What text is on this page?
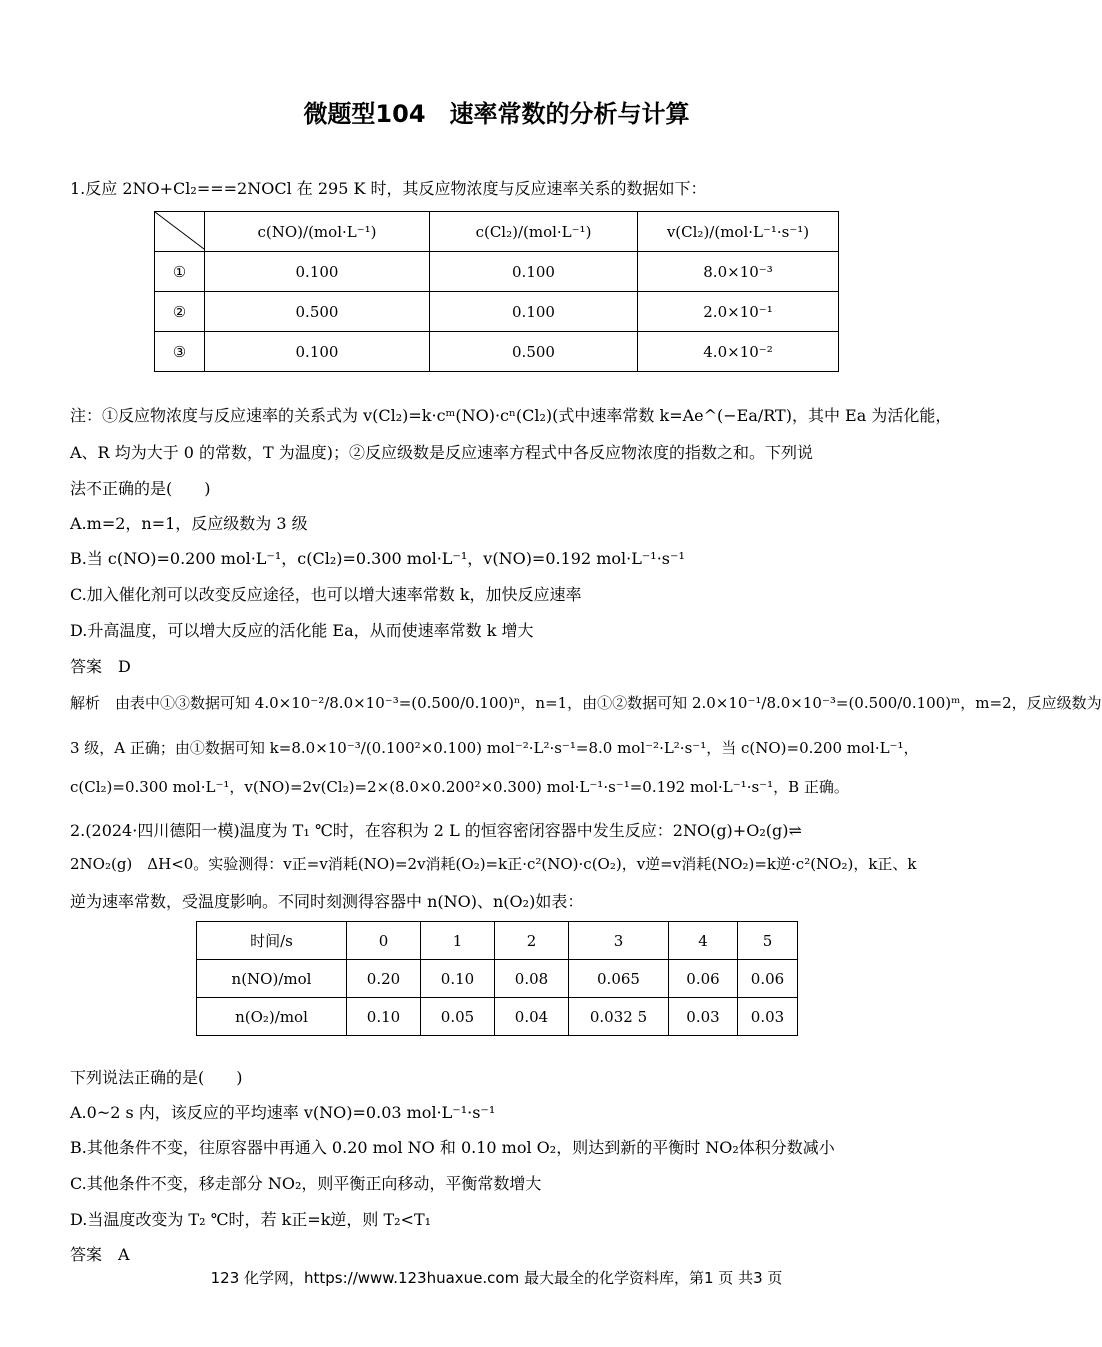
微题型104　速率常数的分析与计算
1.反应 2NO+Cl₂===2NOCl 在 295 K 时，其反应物浓度与反应速率关系的数据如下：
	c(NO)/(mol·L⁻¹)	c(Cl₂)/(mol·L⁻¹)	v(Cl₂)/(mol·L⁻¹·s⁻¹)
①	0.100	0.100	8.0×10⁻³
②	0.500	0.100	2.0×10⁻¹
③	0.100	0.500	4.0×10⁻²
注：①反应物浓度与反应速率的关系式为 v(Cl₂)=k·cᵐ(NO)·cⁿ(Cl₂)(式中速率常数 k=Ae^(−Ea/RT)，其中 Ea 为活化能，
A、R 均为大于 0 的常数，T 为温度)；②反应级数是反应速率方程式中各反应物浓度的指数之和。下列说
法不正确的是(　　)
A.m=2，n=1，反应级数为 3 级
B.当 c(NO)=0.200 mol·L⁻¹，c(Cl₂)=0.300 mol·L⁻¹，v(NO)=0.192 mol·L⁻¹·s⁻¹
C.加入催化剂可以改变反应途径，也可以增大速率常数 k，加快反应速率
D.升高温度，可以增大反应的活化能 Ea，从而使速率常数 k 增大
答案　D
解析　由表中①③数据可知 4.0×10⁻²/8.0×10⁻³=(0.500/0.100)ⁿ，n=1，由①②数据可知 2.0×10⁻¹/8.0×10⁻³=(0.500/0.100)ᵐ，m=2，反应级数为
3 级，A 正确；由①数据可知 k=8.0×10⁻³/(0.100²×0.100) mol⁻²·L²·s⁻¹=8.0 mol⁻²·L²·s⁻¹，当 c(NO)=0.200 mol·L⁻¹，
c(Cl₂)=0.300 mol·L⁻¹，v(NO)=2v(Cl₂)=2×(8.0×0.200²×0.300) mol·L⁻¹·s⁻¹=0.192 mol·L⁻¹·s⁻¹，B 正确。
2.(2024·四川德阳一模)温度为 T₁ ℃时，在容积为 2 L 的恒容密闭容器中发生反应：2NO(g)+O₂(g)⇌
2NO₂(g)　ΔH<0。实验测得：v正=v消耗(NO)=2v消耗(O₂)=k正·c²(NO)·c(O₂)，v逆=v消耗(NO₂)=k逆·c²(NO₂)，k正、k
逆为速率常数，受温度影响。不同时刻测得容器中 n(NO)、n(O₂)如表：
时间/s	0	1	2	3	4	5
n(NO)/mol	0.20	0.10	0.08	0.065	0.06	0.06
n(O₂)/mol	0.10	0.05	0.04	0.032 5	0.03	0.03
下列说法正确的是(　　)
A.0~2 s 内，该反应的平均速率 v(NO)=0.03 mol·L⁻¹·s⁻¹
B.其他条件不变，往原容器中再通入 0.20 mol NO 和 0.10 mol O₂，则达到新的平衡时 NO₂体积分数减小
C.其他条件不变，移走部分 NO₂，则平衡正向移动，平衡常数增大
D.当温度改变为 T₂ ℃时，若 k正=k逆，则 T₂<T₁
答案　A
123 化学网，https://www.123huaxue.com 最大最全的化学资料库，第1 页 共3 页
